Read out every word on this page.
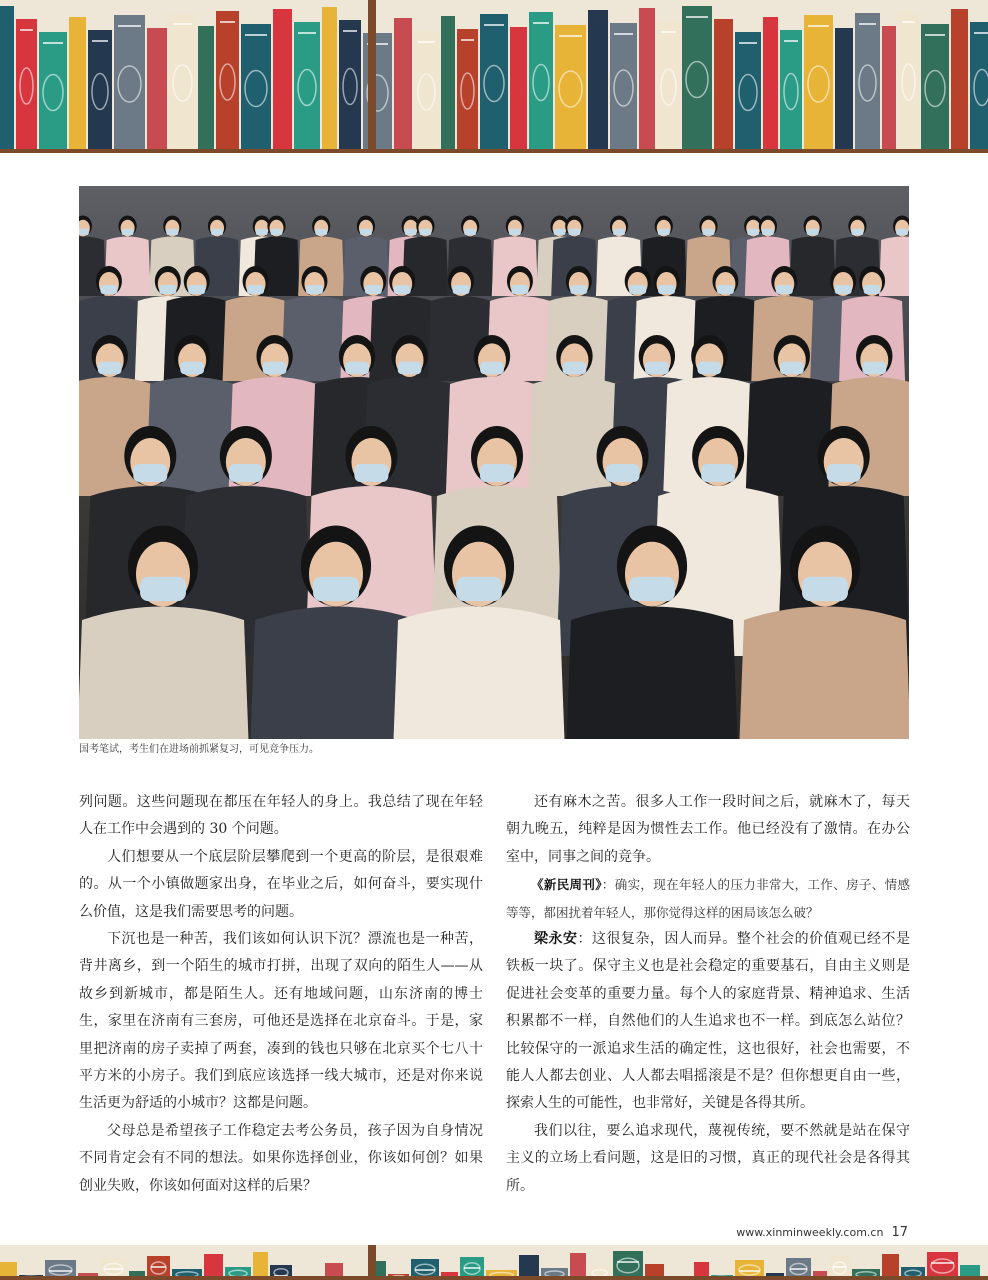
国考笔试，考生们在进场前抓紧复习，可见竞争压力。

列问题。这些问题现在都压在年轻人的身上。我总结了现在年轻人在工作中会遇到的 30 个问题。

人们想要从一个底层阶层攀爬到一个更高的阶层，是很艰难的。从一个小镇做题家出身，在毕业之后，如何奋斗，要实现什么价值，这是我们需要思考的问题。

下沉也是一种苦，我们该如何认识下沉？漂流也是一种苦，背井离乡，到一个陌生的城市打拼，出现了双向的陌生人——从故乡到新城市，都是陌生人。还有地域问题，山东济南的博士生，家里在济南有三套房，可他还是选择在北京奋斗。于是，家里把济南的房子卖掉了两套，凑到的钱也只够在北京买个七八十平方米的小房子。我们到底应该选择一线大城市，还是对你来说生活更为舒适的小城市？这都是问题。

父母总是希望孩子工作稳定去考公务员，孩子因为自身情况不同肯定会有不同的想法。如果你选择创业，你该如何创？如果创业失败，你该如何面对这样的后果？

还有麻木之苦。很多人工作一段时间之后，就麻木了，每天朝九晚五，纯粹是因为惯性去工作。他已经没有了激情。在办公室中，同事之间的竞争。

《新民周刊》：确实，现在年轻人的压力非常大，工作、房子、情感等等，都困扰着年轻人，那你觉得这样的困局该怎么破？

梁永安：这很复杂，因人而异。整个社会的价值观已经不是铁板一块了。保守主义也是社会稳定的重要基石，自由主义则是促进社会变革的重要力量。每个人的家庭背景、精神追求、生活积累都不一样，自然他们的人生追求也不一样。到底怎么站位？比较保守的一派追求生活的确定性，这也很好，社会也需要，不能人人都去创业、人人都去唱摇滚是不是？但你想更自由一些，探索人生的可能性，也非常好，关键是各得其所。

我们以往，要么追求现代，蔑视传统，要不然就是站在保守主义的立场上看问题，这是旧的习惯，真正的现代社会是各得其所。

www.xinminweekly.com.cn 17
